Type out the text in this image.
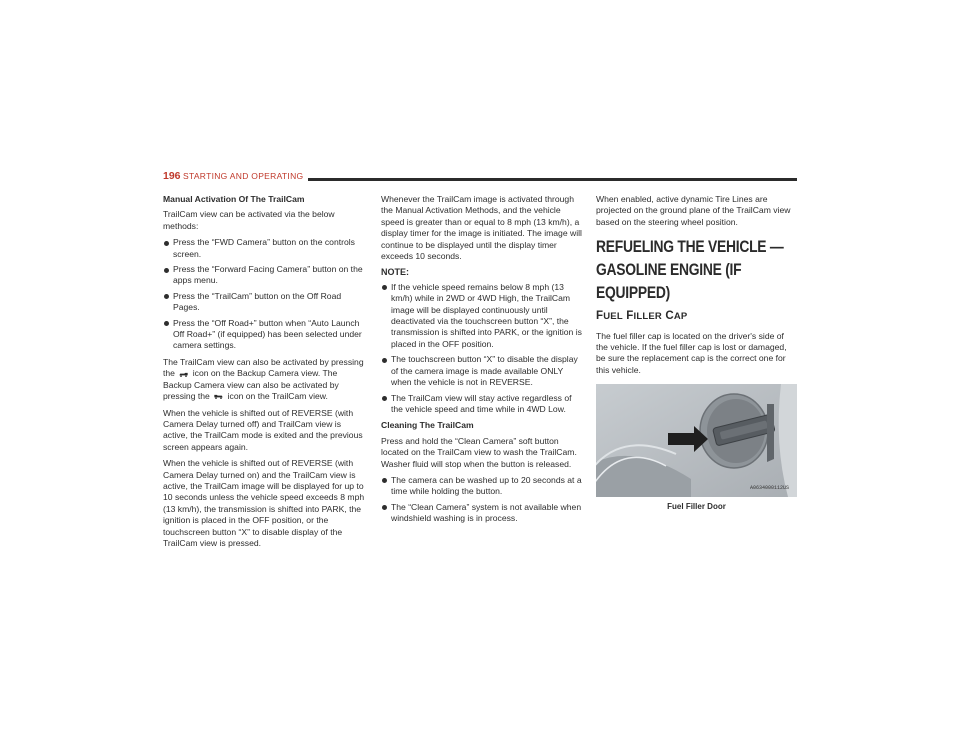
196 STARTING AND OPERATING

Manual Activation Of The TrailCam

TrailCam view can be activated via the below methods:

Press the “FWD Camera” button on the controls screen.
Press the “Forward Facing Camera” button on the apps menu.
Press the “TrailCam” button on the Off Road Pages.
Press the “Off Road+” button when “Auto Launch Off Road+” (if equipped) has been selected under camera settings.

The TrailCam view can also be activated by pressing the icon on the Backup Camera view. The Backup Camera view can also be activated by pressing the icon on the TrailCam view.

When the vehicle is shifted out of REVERSE (with Camera Delay turned off) and TrailCam view is active, the TrailCam mode is exited and the previous screen appears again.

When the vehicle is shifted out of REVERSE (with Camera Delay turned on) and the TrailCam view is active, the TrailCam image will be displayed for up to 10 seconds unless the vehicle speed exceeds 8 mph (13 km/h), the transmission is shifted into PARK, the ignition is placed in the OFF position, or the touchscreen button “X” to disable display of the TrailCam view is pressed.

Whenever the TrailCam image is activated through the Manual Activation Methods, and the vehicle speed is greater than or equal to 8 mph (13 km/h), a display timer for the image is initiated. The image will continue to be displayed until the display timer exceeds 10 seconds.

NOTE:

If the vehicle speed remains below 8 mph (13 km/h) while in 2WD or 4WD High, the TrailCam image will be displayed continuously until deactivated via the touchscreen button “X”, the transmission is shifted into PARK, or the ignition is placed in the OFF position.
The touchscreen button “X” to disable the display of the camera image is made available ONLY when the vehicle is not in REVERSE.
The TrailCam view will stay active regardless of the vehicle speed and time while in 4WD Low.

Cleaning The TrailCam

Press and hold the “Clean Camera” soft button located on the TrailCam view to wash the TrailCam. Washer fluid will stop when the button is released.

The camera can be washed up to 20 seconds at a time while holding the button.
The “Clean Camera” system is not available when windshield washing is in process.

When enabled, active dynamic Tire Lines are projected on the ground plane of the TrailCam view based on the steering wheel position.

REFUELING THE VEHICLE — GASOLINE ENGINE (IF EQUIPPED)
FUEL FILLER CAP

The fuel filler cap is located on the driver's side of the vehicle. If the fuel filler cap is lost or damaged, be sure the replacement cap is the correct one for this vehicle.

A0634000112US
Fuel Filler Door
